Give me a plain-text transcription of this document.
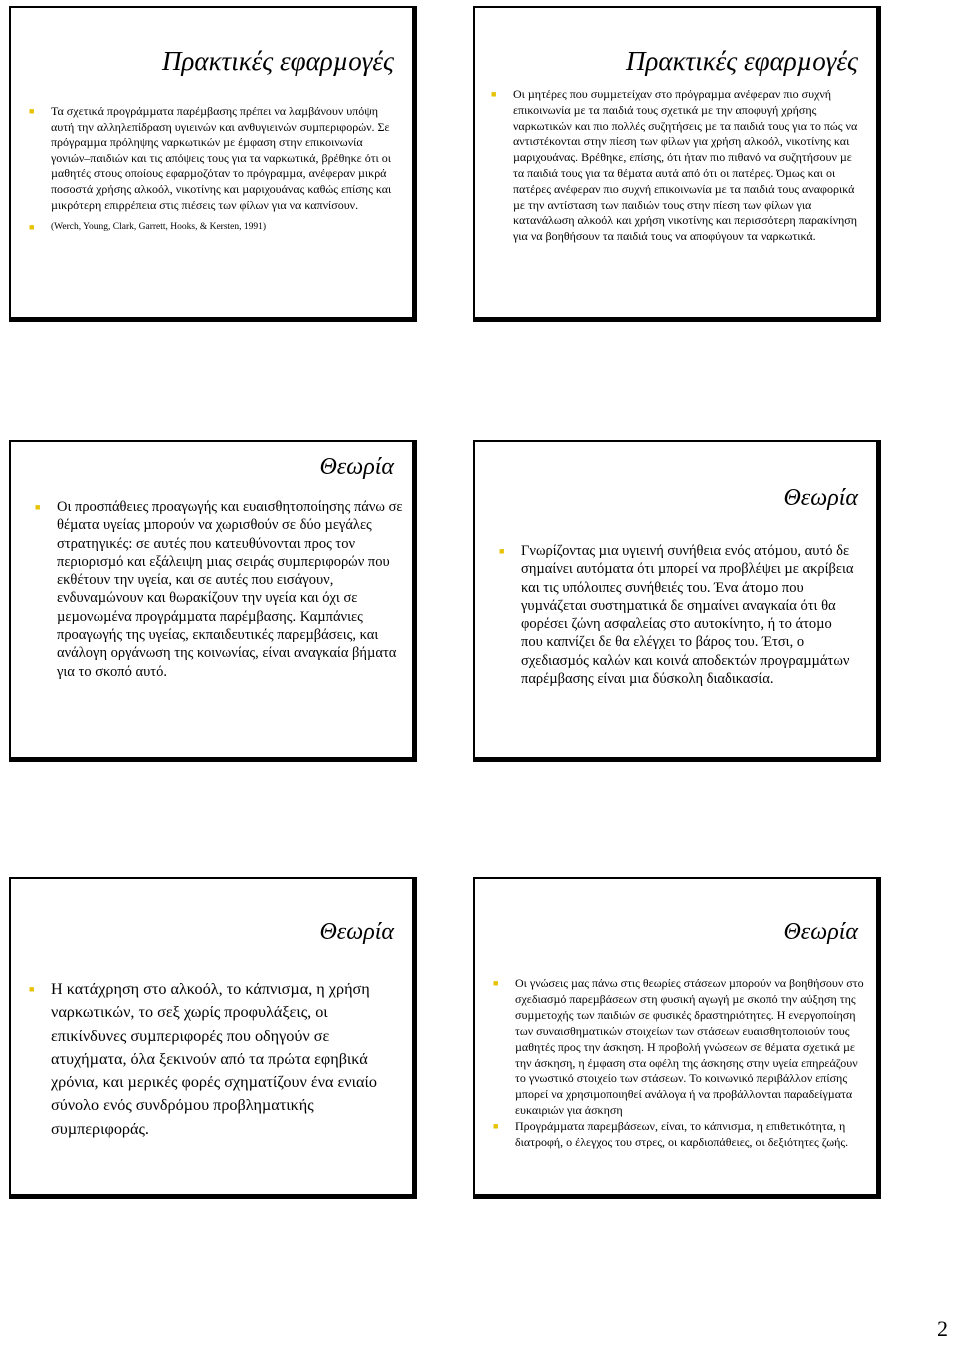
Πρακτικές εφαρµογές
■ Τα σχετικά προγράµµατα παρέµβασης πρέπει να λαµβάνουν υπόψη αυτή την αλληλεπίδραση υγιεινών και ανθυγιεινών συµπεριφορών. Σε πρόγραµµα πρόληψης ναρκωτικών µε έµφαση στην επικοινωνία γονιών–παιδιών και τις απόψεις τους για τα ναρκωτικά, βρέθηκε ότι οι µαθητές στους οποίους εφαρµοζόταν το πρόγραµµα, ανέφεραν µικρά ποσοστά χρήσης αλκοόλ, νικοτίνης και µαριχουάνας καθώς επίσης και µικρότερη επιρρέπεια στις πιέσεις των φίλων για να καπνίσουν.
■ (Werch, Young, Clark, Garrett, Hooks, & Kersten, 1991)
Πρακτικές εφαρµογές
■ Οι µητέρες που συµµετείχαν στο πρόγραµµα ανέφεραν πιο συχνή επικοινωνία µε τα παιδιά τους σχετικά µε την αποφυγή χρήσης ναρκωτικών και πιο πολλές συζητήσεις µε τα παιδιά τους για το πώς να αντιστέκονται στην πίεση των φίλων για χρήση αλκοόλ, νικοτίνης και µαριχουάνας. Βρέθηκε, επίσης, ότι ήταν πιο πιθανό να συζητήσουν µε τα παιδιά τους για τα θέµατα αυτά από ότι οι πατέρες. Όµως και οι πατέρες ανέφεραν πιο συχνή επικοινωνία µε τα παιδιά τους αναφορικά µε την αντίσταση των παιδιών τους στην πίεση των φίλων για κατανάλωση αλκοόλ και χρήση νικοτίνης και περισσότερη παρακίνηση για να βοηθήσουν τα παιδιά τους να αποφύγουν τα ναρκωτικά.
Θεωρία
■ Οι προσπάθειες προαγωγής και ευαισθητοποίησης πάνω σε θέµατα υγείας µπορούν να χωρισθούν σε δύο µεγάλες στρατηγικές: σε αυτές που κατευθύνονται προς τον περιορισµό και εξάλειψη µιας σειράς συµπεριφορών που εκθέτουν την υγεία, και σε αυτές που εισάγουν, ενδυναµώνουν και θωρακίζουν την υγεία και όχι σε µεµονωµένα προγράµµατα παρέµβασης. Καµπάνιες προαγωγής της υγείας, εκπαιδευτικές παρεµβάσεις, και ανάλογη οργάνωση της κοινωνίας, είναι αναγκαία βήµατα για το σκοπό αυτό.
Θεωρία
■ Γνωρίζοντας µια υγιεινή συνήθεια ενός ατόµου, αυτό δε σηµαίνει αυτόµατα ότι µπορεί να προβλέψει µε ακρίβεια και τις υπόλοιπες συνήθειές του. Ένα άτοµο που γυµνάζεται συστηµατικά δε σηµαίνει αναγκαία ότι θα φορέσει ζώνη ασφαλείας στο αυτοκίνητο, ή το άτοµο που καπνίζει δε θα ελέγχει το βάρος του. Έτσι, ο σχεδιασµός καλών και κοινά αποδεκτών προγραµµάτων παρέµβασης είναι µια δύσκολη διαδικασία.
Θεωρία
■ Η κατάχρηση στο αλκοόλ, το κάπνισµα, η χρήση ναρκωτικών, το σεξ χωρίς προφυλάξεις, οι επικίνδυνες συµπεριφορές που οδηγούν σε ατυχήµατα, όλα ξεκινούν από τα πρώτα εφηβικά χρόνια, και µερικές φορές σχηµατίζουν ένα ενιαίο σύνολο ενός συνδρόµου προβληµατικής συµπεριφοράς.
Θεωρία
■ Οι γνώσεις µας πάνω στις θεωρίες στάσεων µπορούν να βοηθήσουν στο σχεδιασµό παρεµβάσεων στη φυσική αγωγή µε σκοπό την αύξηση της συµµετοχής των παιδιών σε φυσικές δραστηριότητες. Η ενεργοποίηση των συναισθηµατικών στοιχείων των στάσεων ευαισθητοποιούν τους µαθητές προς την άσκηση. Η προβολή γνώσεων σε θέµατα σχετικά µε την άσκηση, η έµφαση στα οφέλη της άσκησης στην υγεία επηρεάζουν το γνωστικό στοιχείο των στάσεων. Το κοινωνικό περιβάλλον επίσης µπορεί να χρησιµοποιηθεί ανάλογα ή να προβάλλονται παραδείγµατα ευκαιριών για άσκηση
■ Προγράµµατα παρεµβάσεων, είναι, το κάπνισµα, η επιθετικότητα, η διατροφή, ο έλεγχος του στρες, οι καρδιοπάθειες, οι δεξιότητες ζωής.
2
